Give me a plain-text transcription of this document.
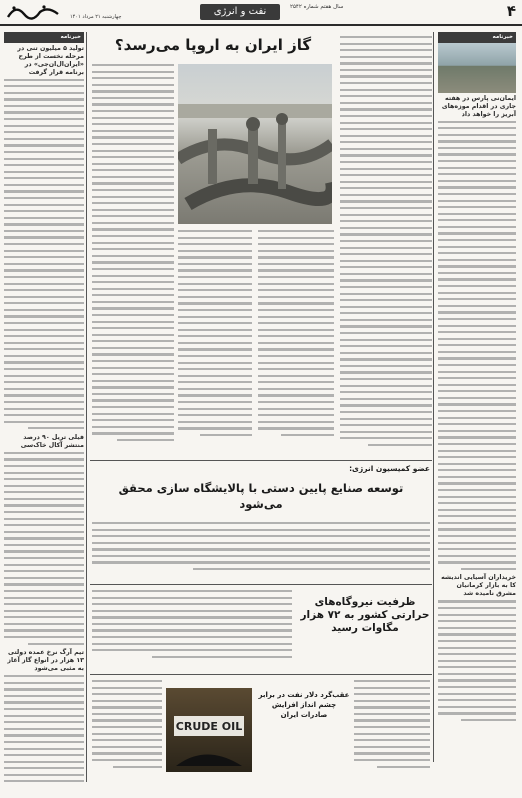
۴
سال هفتم شماره ۲۵۴۲
نفت و انرژی
چهارشنبه ۲۱ مرداد ۱۴۰۱
خبرنامه
ایمان‌نی پارس در هفته جاری در اقدام موزه‌های آبریز را خواهد داد
خریداران آسیایی اندیشه کا به بازار کرمانیان مشرق نامیده شد
گاز ایران به اروپا می‌رسد؟
عضو کمیسیون انرژی:
توسعه صنایع پایین دستی با پالایشگاه سازی محقق می‌شود
ظرفیت نیروگاه‌های حرارتی کشور به ۷۲ هزار مگاوات رسید
CRUDE OIL
عقب‌گرد دلار نفت در برابر چشم انداز افزایش صادرات ایران
خبرنامه
تولید ۵ میلیون تنی در مرحله نخست از طرح «ایران‌ال‌ان‌جی» در برنامه قرار گرفت
فیلی تریل ۹۰ درصد منتشر آکال خاک‌سی
تیم آرگ نرخ عمده دولتی ۱۳ هزار در انواع گاز آغاز به مثبی می‌شود
